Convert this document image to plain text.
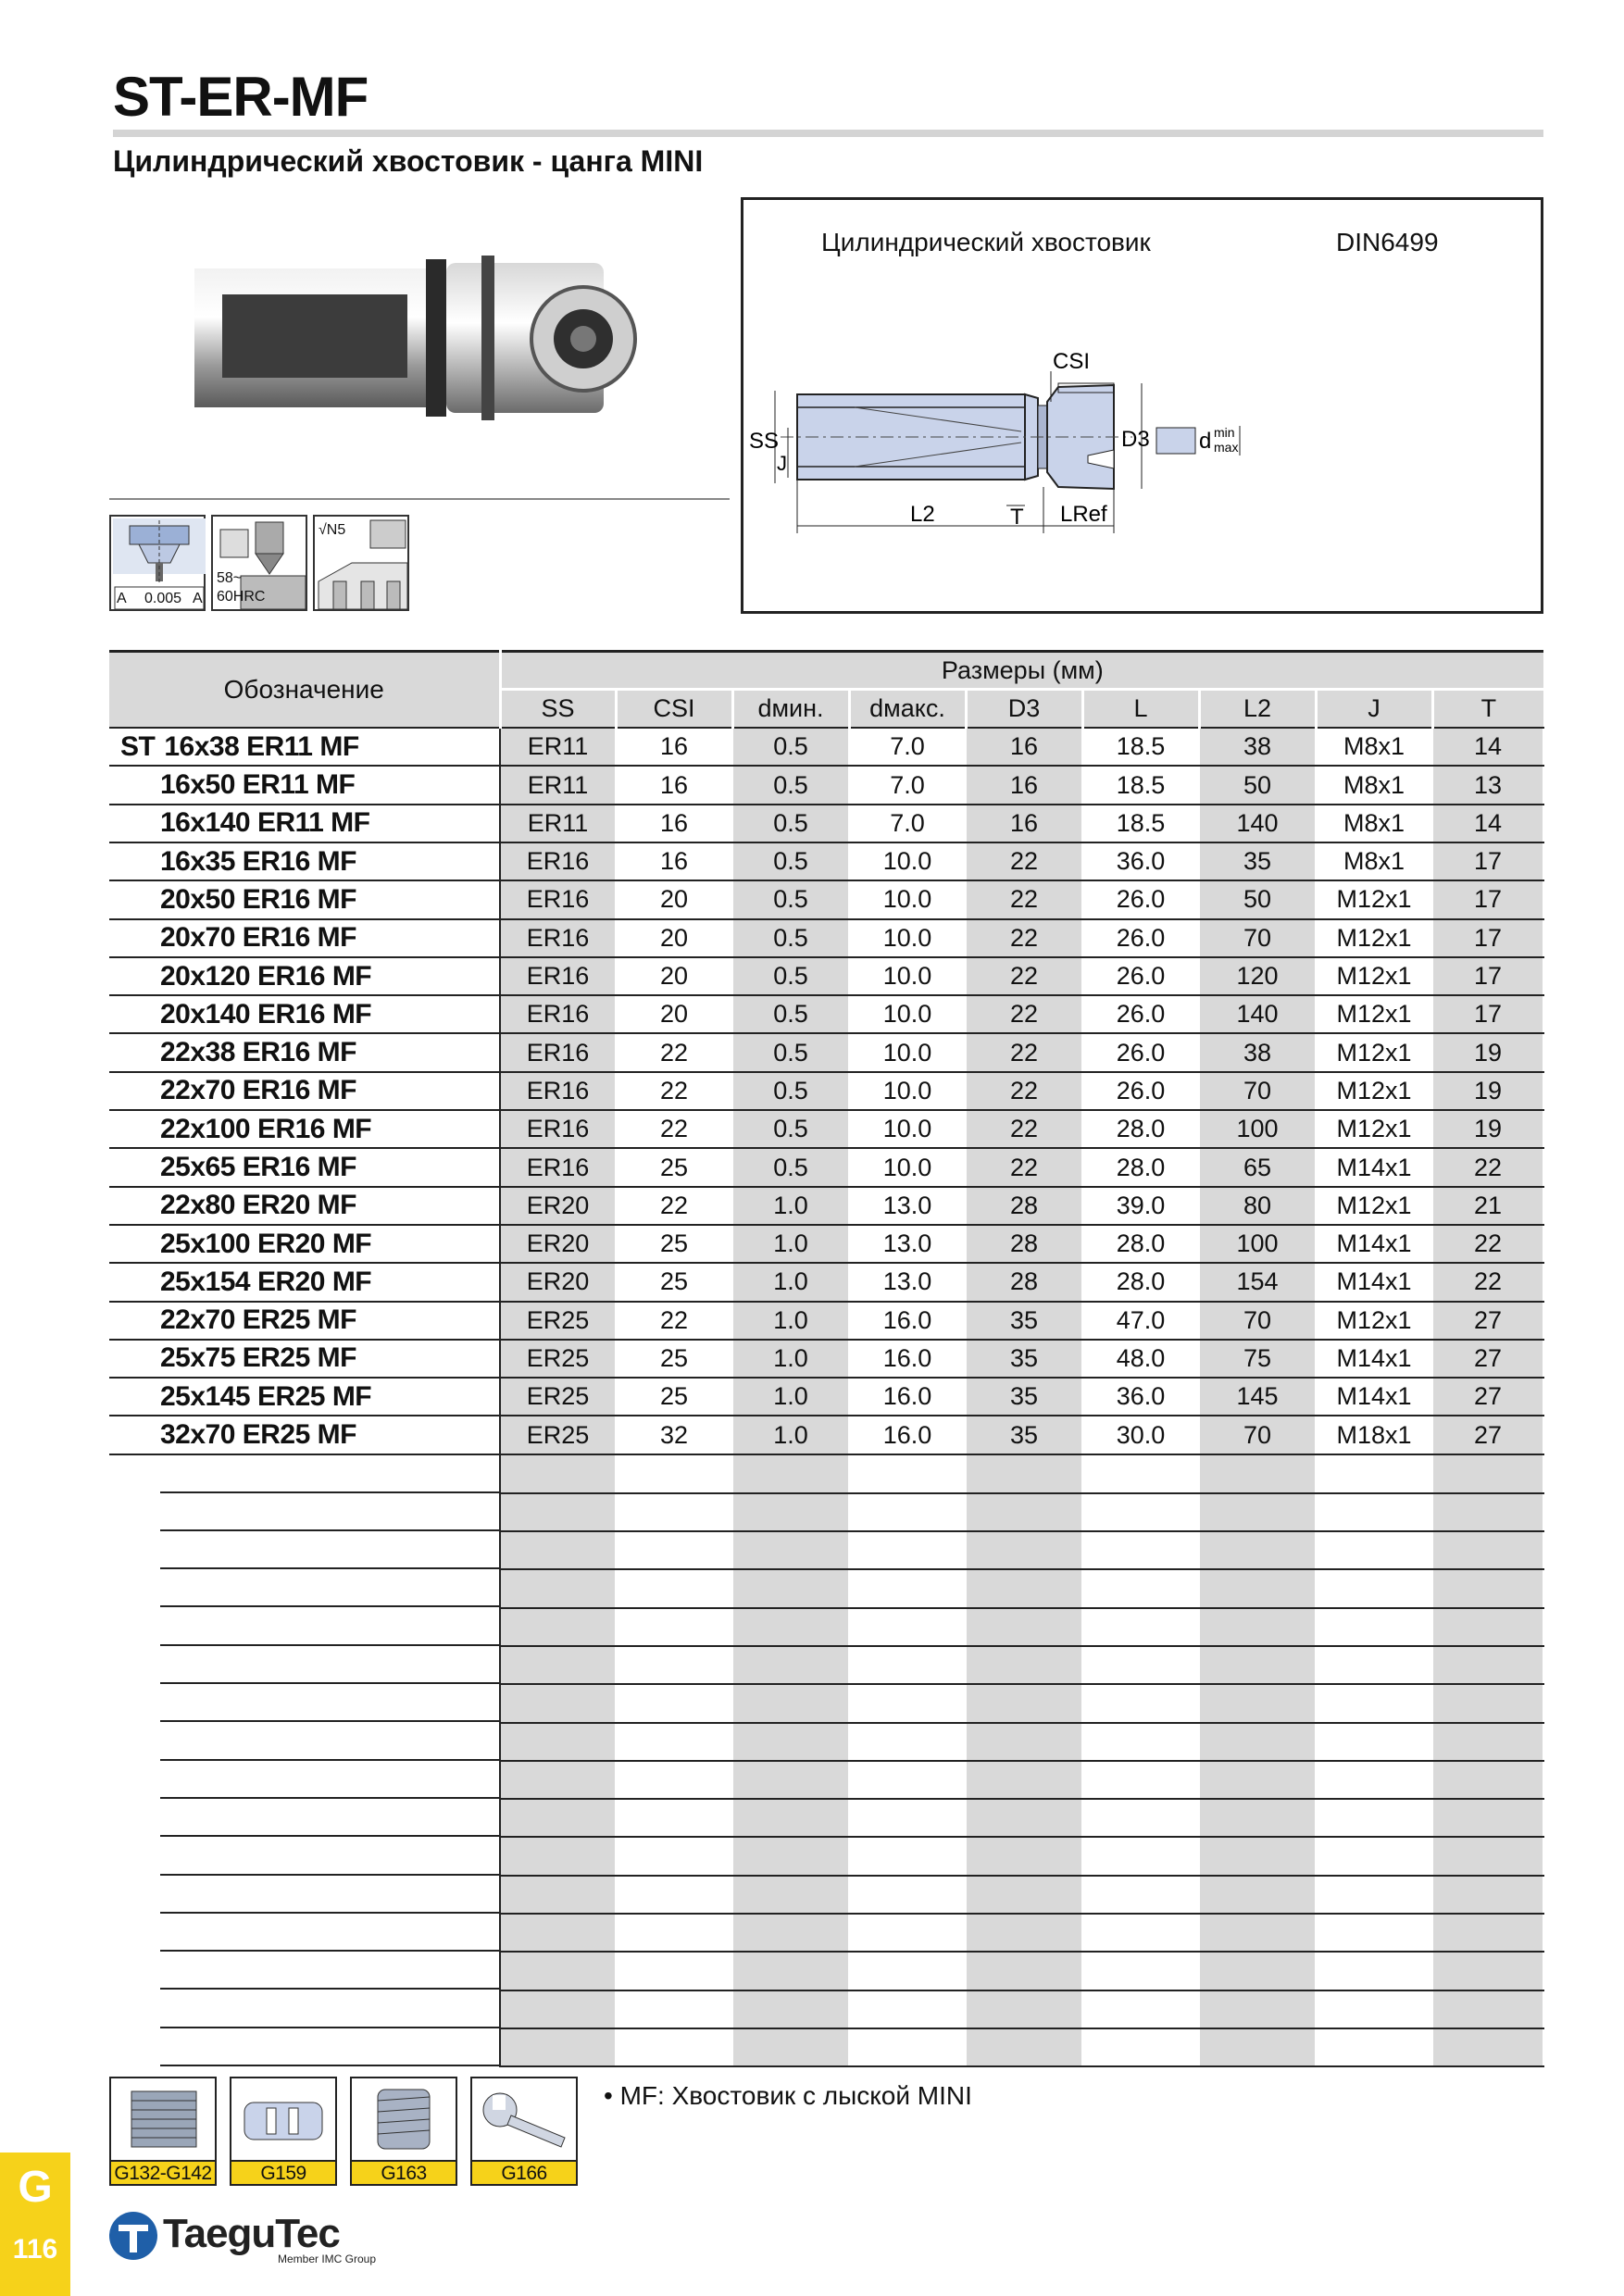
ST-ER-MF
Цилиндрический хвостовик - цанга MINI
A 0.005 A
58~
60HRC
√N5
Цилиндрический хвостовик	DIN6499
CSI
SS
J
D3
L2	T LRef
d min
max
Обозначение	Размеры (мм)								
	SS	CSI	dмин.	dмакс.	D3	L	L2	J	T
ST 16x38 ER11 MF	ER11	16	0.5	7.0	16	18.5	38	M8x1	14
16x50 ER11 MF	ER11	16	0.5	7.0	16	18.5	50	M8x1	13
16x140 ER11 MF	ER11	16	0.5	7.0	16	18.5	140	M8x1	14
16x35 ER16 MF	ER16	16	0.5	10.0	22	36.0	35	M8x1	17
20x50 ER16 MF	ER16	20	0.5	10.0	22	26.0	50	M12x1	17
20x70 ER16 MF	ER16	20	0.5	10.0	22	26.0	70	M12x1	17
20x120 ER16 MF	ER16	20	0.5	10.0	22	26.0	120	M12x1	17
20x140 ER16 MF	ER16	20	0.5	10.0	22	26.0	140	M12x1	17
22x38 ER16 MF	ER16	22	0.5	10.0	22	26.0	38	M12x1	19
22x70 ER16 MF	ER16	22	0.5	10.0	22	26.0	70	M12x1	19
22x100 ER16 MF	ER16	22	0.5	10.0	22	28.0	100	M12x1	19
25x65 ER16 MF	ER16	25	0.5	10.0	22	28.0	65	M14x1	22
22x80 ER20 MF	ER20	22	1.0	13.0	28	39.0	80	M12x1	21
25x100 ER20 MF	ER20	25	1.0	13.0	28	28.0	100	M14x1	22
25x154 ER20 MF	ER20	25	1.0	13.0	28	28.0	154	M14x1	22
22x70 ER25 MF	ER25	22	1.0	16.0	35	47.0	70	M12x1	27
25x75 ER25 MF	ER25	25	1.0	16.0	35	48.0	75	M14x1	27
25x145 ER25 MF	ER25	25	1.0	16.0	35	36.0	145	M14x1	27
32x70 ER25 MF	ER25	32	1.0	16.0	35	30.0	70	M18x1	27

G132-G142	G159	G163	G166
• MF: Хвостовик с лыской MINI
G
116	TaeguTec
Member IMC Group
